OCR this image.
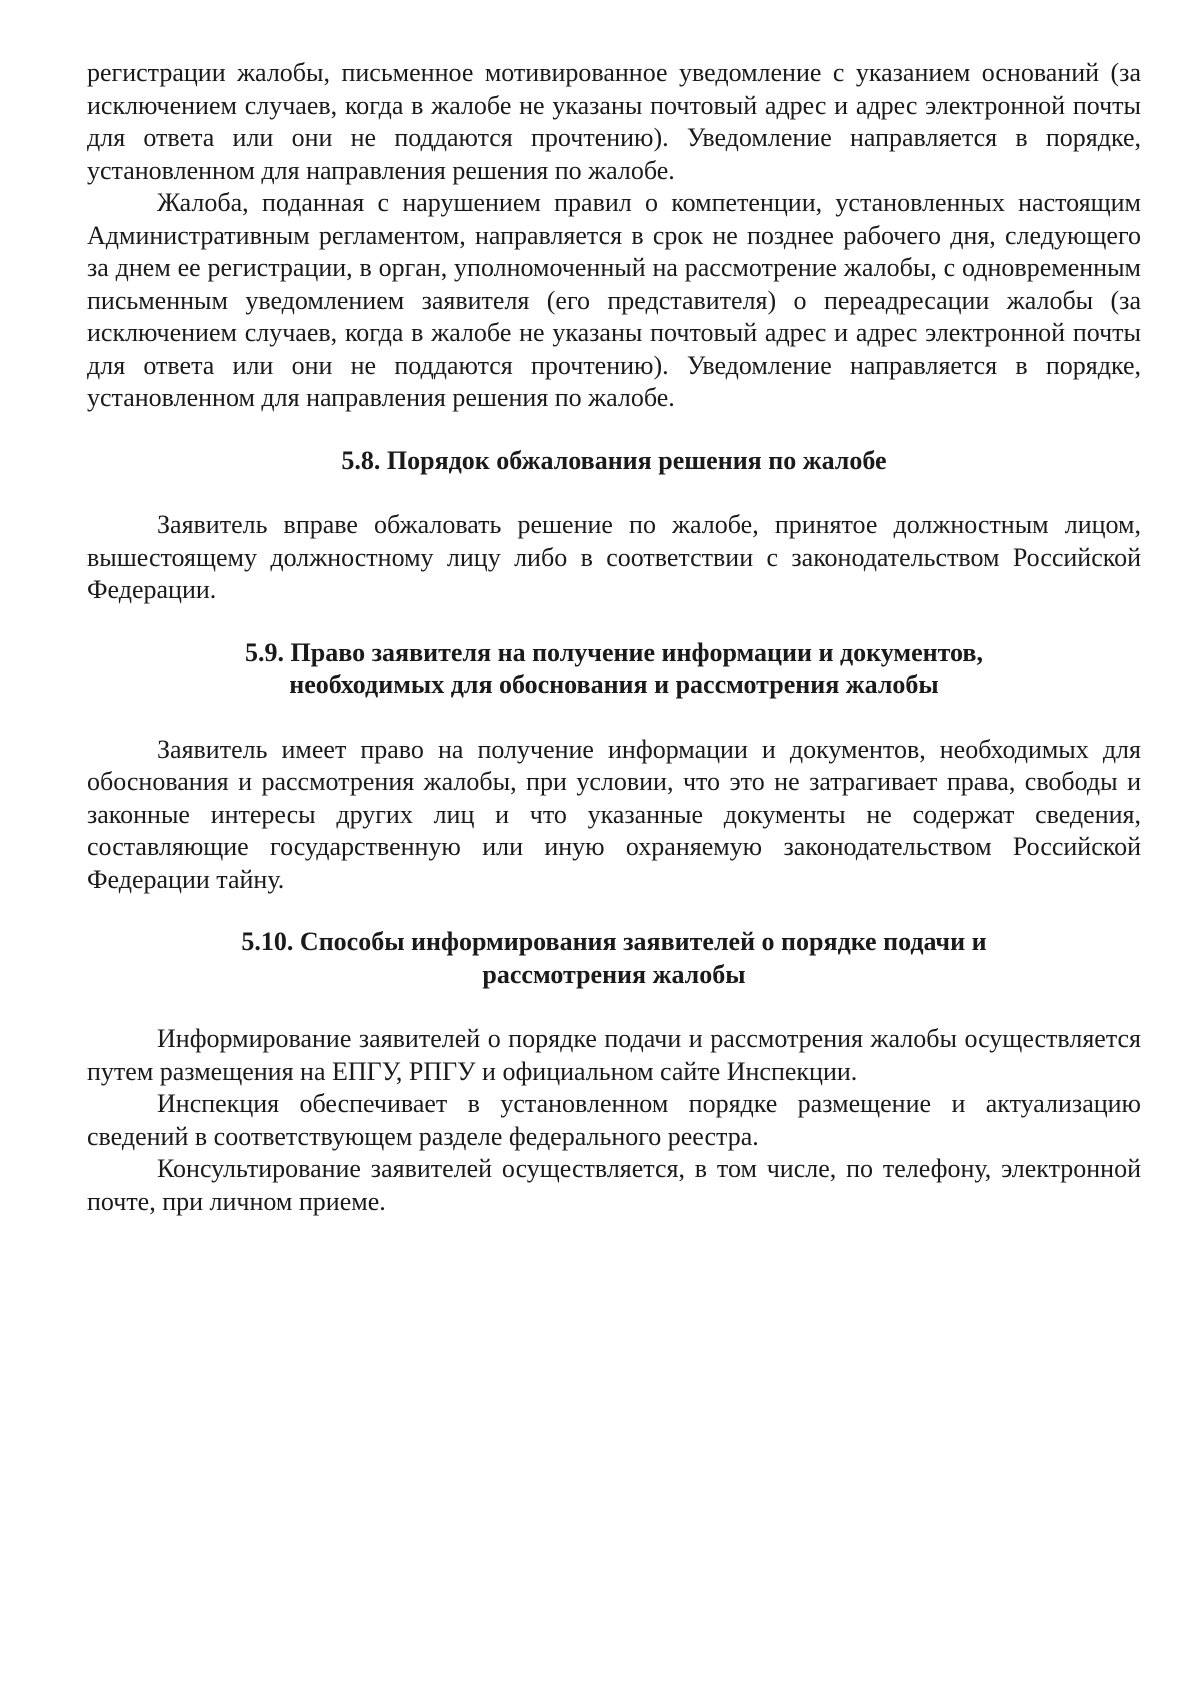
регистрации жалобы, письменное мотивированное уведомление с указанием оснований (за исключением случаев, когда в жалобе не указаны почтовый адрес и адрес электронной почты для ответа или они не поддаются прочтению). Уведомление направляется в порядке, установленном для направления решения по жалобе.

Жалоба, поданная с нарушением правил о компетенции, установленных настоящим Административным регламентом, направляется в срок не позднее рабочего дня, следующего за днем ее регистрации, в орган, уполномоченный на рассмотрение жалобы, с одновременным письменным уведомлением заявителя (его представителя) о переадресации жалобы (за исключением случаев, когда в жалобе не указаны почтовый адрес и адрес электронной почты для ответа или они не поддаются прочтению). Уведомление направляется в порядке, установленном для направления решения по жалобе.

5.8. Порядок обжалования решения по жалобе

Заявитель вправе обжаловать решение по жалобе, принятое должностным лицом, вышестоящему должностному лицу либо в соответствии с законодательством Российской Федерации.

5.9. Право заявителя на получение информации и документов,
необходимых для обоснования и рассмотрения жалобы

Заявитель имеет право на получение информации и документов, необходимых для обоснования и рассмотрения жалобы, при условии, что это не затрагивает права, свободы и законные интересы других лиц и что указанные документы не содержат сведения, составляющие государственную или иную охраняемую законодательством Российской Федерации тайну.

5.10. Способы информирования заявителей о порядке подачи и
рассмотрения жалобы

Информирование заявителей о порядке подачи и рассмотрения жалобы осуществляется путем размещения на ЕПГУ, РПГУ и официальном сайте Инспекции.

Инспекция обеспечивает в установленном порядке размещение и актуализацию сведений в соответствующем разделе федерального реестра.

Консультирование заявителей осуществляется, в том числе, по телефону, электронной почте, при личном приеме.
